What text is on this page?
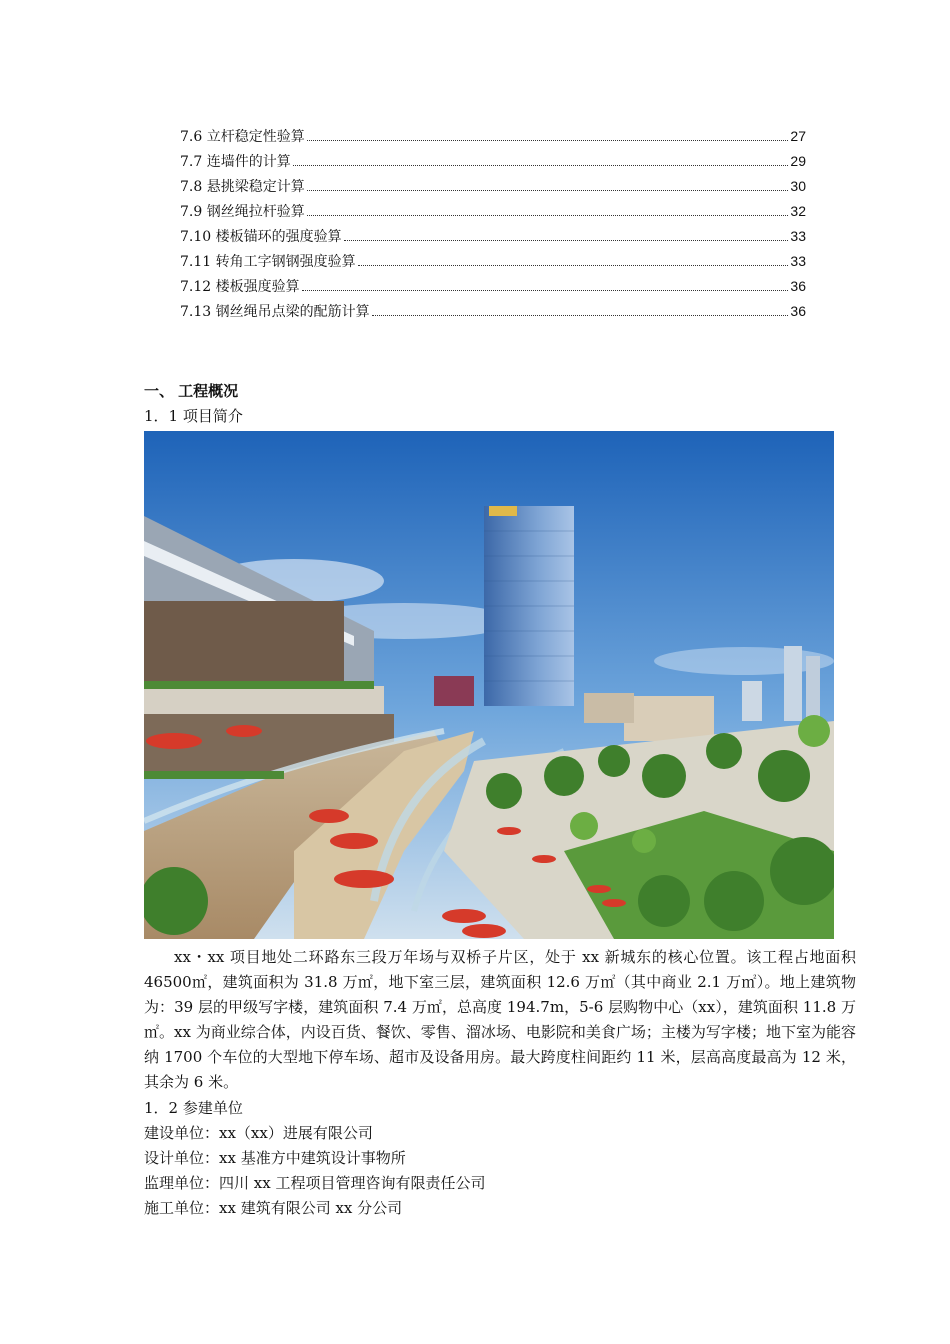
7.6 立杆稳定性验算	27
7.7 连墙件的计算	29
7.8 悬挑梁稳定计算	30
7.9 钢丝绳拉杆验算	32
7.10 楼板锚环的强度验算	33
7.11 转角工字钢钢强度验算	33
7.12 楼板强度验算	36
7.13 钢丝绳吊点梁的配筋计算	36
一、 工程概况
1．1 项目简介

xx・xx 项目地处二环路东三段万年场与双桥子片区，处于 xx 新城东的核心位置。该工程占地面积 46500㎡，建筑面积为 31.8 万㎡，地下室三层，建筑面积 12.6 万㎡（其中商业 2.1 万㎡）。地上建筑物为：39 层的甲级写字楼，建筑面积 7.4 万㎡，总高度 194.7m，5-6 层购物中心（xx），建筑面积 11.8 万㎡。xx 为商业综合体，内设百货、餐饮、零售、溜冰场、电影院和美食广场；主楼为写字楼；地下室为能容纳 1700 个车位的大型地下停车场、超市及设备用房。最大跨度柱间距约 11 米，层高高度最高为 12 米，其余为 6 米。

1．2 参建单位
建设单位：xx（xx）进展有限公司
设计单位：xx 基准方中建筑设计事物所
监理单位：四川 xx 工程项目管理咨询有限责任公司
施工单位：xx 建筑有限公司 xx 分公司
